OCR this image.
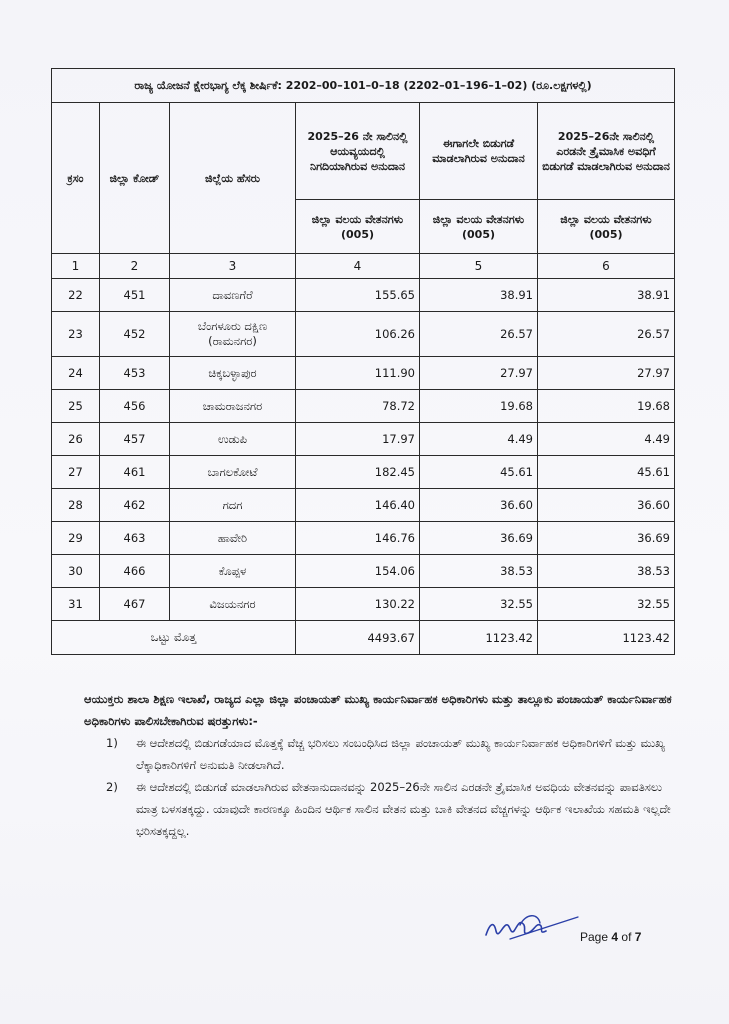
ರಾಜ್ಯ ಯೋಜನೆ ಕ್ಷೇರಭಾಗ್ಯ ಲೆಕ್ಕ ಶೀರ್ಷಿಕೆ: 2202–00–101–0–18 (2202–01–196–1–02) (ರೂ.ಲಕ್ಷಗಳಲ್ಲಿ)					
ಕ್ರಸಂ	ಜಿಲ್ಲಾ ಕೋಡ್	ಜಿಲ್ಲೆಯ ಹೆಸರು	2025–26 ನೇ ಸಾಲಿನಲ್ಲಿ ಆಯವ್ಯಯದಲ್ಲಿ ನಿಗದಿಯಾಗಿರುವ ಅನುದಾನ	ಈಗಾಗಲೇ ಬಿಡುಗಡೆ ಮಾಡಲಾಗಿರುವ ಅನುದಾನ	2025–26ನೇ ಸಾಲಿನಲ್ಲಿ ಎರಡನೇ ತ್ರೈಮಾಸಿಕ ಅವಧಿಗೆ ಬಿಡುಗಡೆ ಮಾಡಲಾಗಿರುವ ಅನುದಾನ
			ಜಿಲ್ಲಾ ವಲಯ ವೇತನಗಳು (005)	ಜಿಲ್ಲಾ ವಲಯ ವೇತನಗಳು (005)	ಜಿಲ್ಲಾ ವಲಯ ವೇತನಗಳು (005)
1	2	3	4	5	6
22	451	ದಾವಣಗೆರೆ	155.65	38.91	38.91
23	452	ಬೆಂಗಳೂರು ದಕ್ಷಿಣ (ರಾಮನಗರ)	106.26	26.57	26.57
24	453	ಚಿಕ್ಕಬಳ್ಳಾಪುರ	111.90	27.97	27.97
25	456	ಚಾಮರಾಜನಗರ	78.72	19.68	19.68
26	457	ಉಡುಪಿ	17.97	4.49	4.49
27	461	ಬಾಗಲಕೋಟೆ	182.45	45.61	45.61
28	462	ಗದಗ	146.40	36.60	36.60
29	463	ಹಾವೇರಿ	146.76	36.69	36.69
30	466	ಕೊಪ್ಪಳ	154.06	38.53	38.53
31	467	ವಿಜಯನಗರ	130.22	32.55	32.55
ಒಟ್ಟು ಮೊತ್ತ			4493.67	1123.42	1123.42

ಆಯುಕ್ತರು ಶಾಲಾ ಶಿಕ್ಷಣ ಇಲಾಖೆ, ರಾಜ್ಯದ ಎಲ್ಲಾ ಜಿಲ್ಲಾ ಪಂಚಾಯತ್ ಮುಖ್ಯ ಕಾರ್ಯನಿರ್ವಾಹಕ ಅಧಿಕಾರಿಗಳು ಮತ್ತು ತಾಲ್ಲೂಕು ಪಂಚಾಯತ್ ಕಾರ್ಯನಿರ್ವಾಹಕ ಅಧಿಕಾರಿಗಳು ಪಾಲಿಸಬೇಕಾಗಿರುವ ಷರತ್ತುಗಳು:-

1) ಈ ಆದೇಶದಲ್ಲಿ ಬಿಡುಗಡೆಯಾದ ಮೊತ್ತಕ್ಕೆ ವೆಚ್ಚ ಭರಿಸಲು ಸಂಬಂಧಿಸಿದ ಜಿಲ್ಲಾ ಪಂಚಾಯತ್ ಮುಖ್ಯ ಕಾರ್ಯನಿರ್ವಾಹಕ ಅಧಿಕಾರಿಗಳಿಗೆ ಮತ್ತು ಮುಖ್ಯ ಲೆಕ್ಕಾಧಿಕಾರಿಗಳಿಗೆ ಅನುಮತಿ ನೀಡಲಾಗಿದೆ.
2) ಈ ಆದೇಶದಲ್ಲಿ ಬಿಡುಗಡೆ ಮಾಡಲಾಗಿರುವ ವೇತನಾನುದಾನವನ್ನು 2025–26ನೇ ಸಾಲಿನ ಎರಡನೇ ತ್ರೈಮಾಸಿಕ ಅವಧಿಯ ವೇತನವನ್ನು ಪಾವತಿಸಲು ಮಾತ್ರ ಬಳಸತಕ್ಕದ್ದು. ಯಾವುದೇ ಕಾರಣಕ್ಕೂ ಹಿಂದಿನ ಆರ್ಥಿಕ ಸಾಲಿನ ವೇತನ ಮತ್ತು ಬಾಕಿ ವೇತನದ ವೆಚ್ಚಗಳನ್ನು ಆರ್ಥಿಕ ಇಲಾಖೆಯ ಸಹಮತಿ ಇಲ್ಲದೇ ಭರಿಸತಕ್ಕದ್ದಲ್ಲ.
Page 4 of 7
